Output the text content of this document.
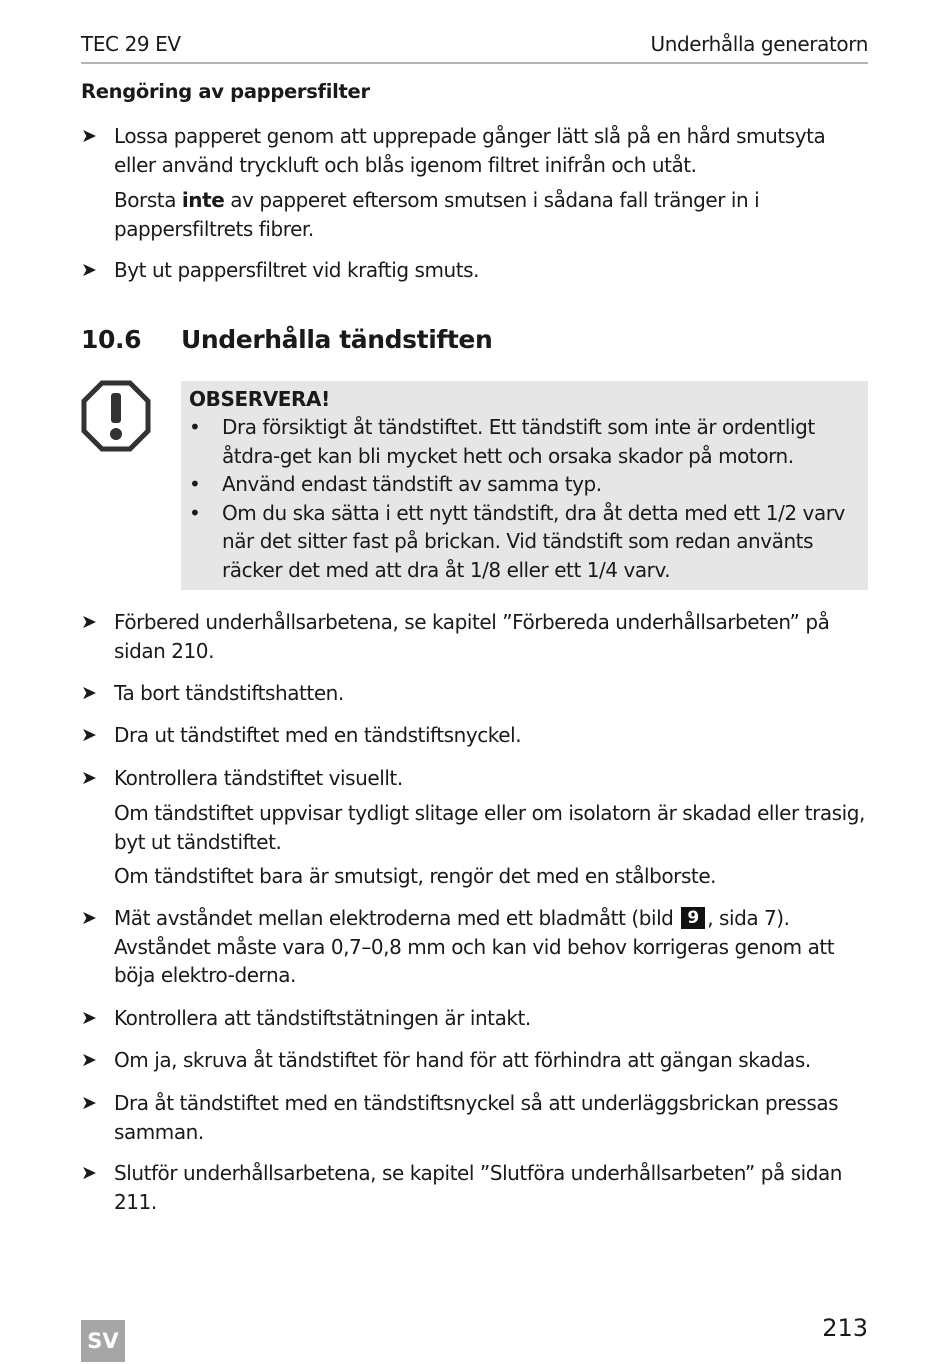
TEC 29 EV	Underhålla generatorn
Rengöring av pappersfilter
➤ Lossa papperet genom att upprepade gånger lätt slå på en hård smutsyta eller använd tryckluft och blås igenom filtret inifrån och utåt.
Borsta inte av papperet eftersom smutsen i sådana fall tränger in i pappersfiltrets fibrer.
➤ Byt ut pappersfiltret vid kraftig smuts.
10.6 Underhålla tändstiften
OBSERVERA!
• Dra försiktigt åt tändstiftet. Ett tändstift som inte är ordentligt åtdra-get kan bli mycket hett och orsaka skador på motorn.
• Använd endast tändstift av samma typ.
• Om du ska sätta i ett nytt tändstift, dra åt detta med ett 1/2 varv när det sitter fast på brickan. Vid tändstift som redan använts räcker det med att dra åt 1/8 eller ett 1/4 varv.
➤ Förbered underhållsarbetena, se kapitel ”Förbereda underhållsarbeten” på sidan 210.
➤ Ta bort tändstiftshatten.
➤ Dra ut tändstiftet med en tändstiftsnyckel.
➤ Kontrollera tändstiftet visuellt.
Om tändstiftet uppvisar tydligt slitage eller om isolatorn är skadad eller trasig, byt ut tändstiftet.
Om tändstiftet bara är smutsigt, rengör det med en stålborste.
➤ Mät avståndet mellan elektroderna med ett bladmått (bild 9 , sida 7). Avståndet måste vara 0,7–0,8 mm och kan vid behov korrigeras genom att böja elektro-derna.
➤ Kontrollera att tändstiftstätningen är intakt.
➤ Om ja, skruva åt tändstiftet för hand för att förhindra att gängan skadas.
➤ Dra åt tändstiftet med en tändstiftsnyckel så att underläggsbrickan pressas samman.
➤ Slutför underhållsarbetena, se kapitel ”Slutföra underhållsarbeten” på sidan 211.
SV	213
